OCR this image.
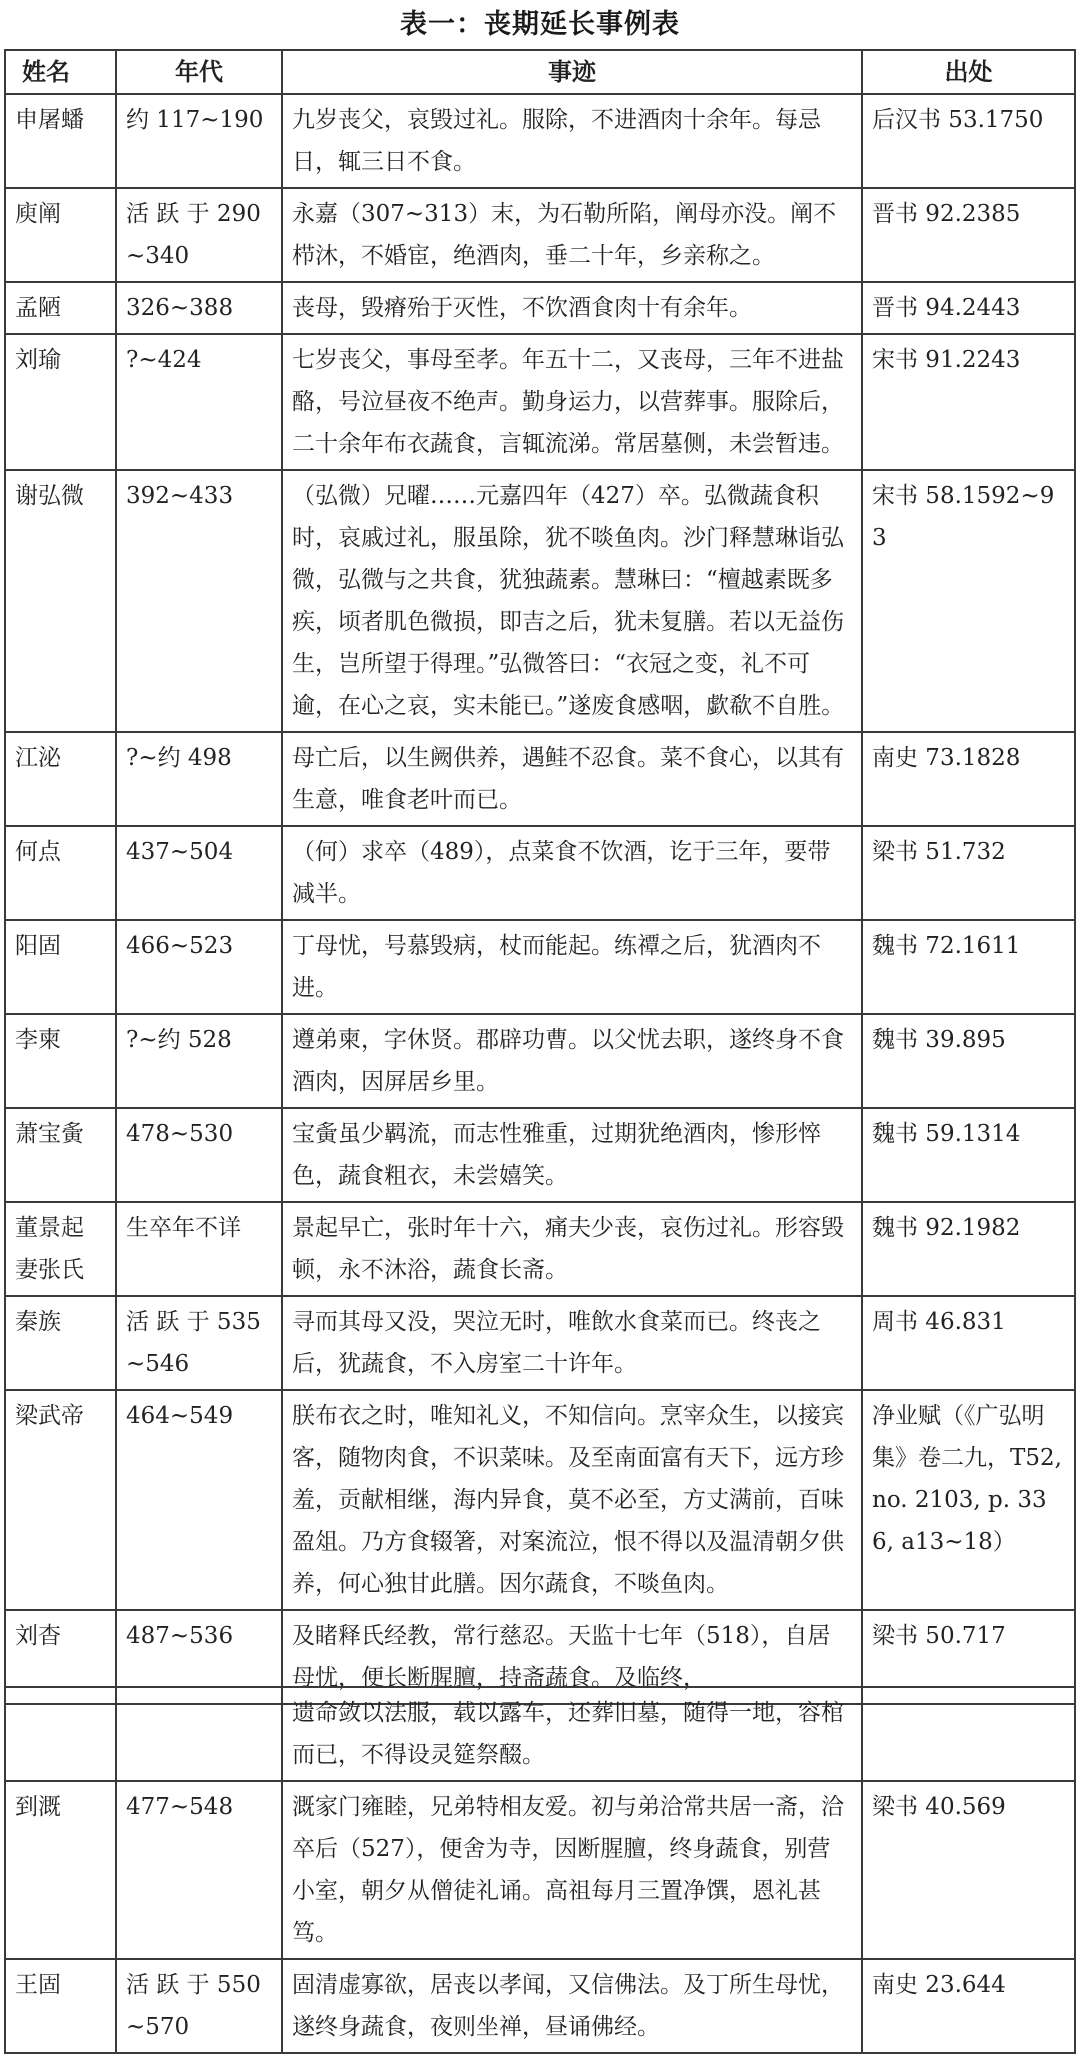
表一：丧期延长事例表
姓名	年代	事迹	出处
申屠蟠	约 117~190	九岁丧父，哀毁过礼。服除，不进酒肉十余年。每忌日，辄三日不食。	后汉书 53.1750
庾阐	活 跃 于 290~340	永嘉（307~313）末，为石勒所陷，阐母亦没。阐不栉沐，不婚宦，绝酒肉，垂二十年，乡亲称之。	晋书 92.2385
孟陋	326~388	丧母，毁瘠殆于灭性，不饮酒食肉十有余年。	晋书 94.2443
刘瑜	?~424	七岁丧父，事母至孝。年五十二，又丧母，三年不进盐酪，号泣昼夜不绝声。勤身运力，以营葬事。服除后，二十余年布衣蔬食，言辄流涕。常居墓侧，未尝暂违。	宋书 91.2243
谢弘微	392~433	（弘微）兄曜……元嘉四年（427）卒。弘微蔬食积时，哀戚过礼，服虽除，犹不啖鱼肉。沙门释慧琳诣弘微，弘微与之共食，犹独蔬素。慧琳曰：“檀越素既多疾，顷者肌色微损，即吉之后，犹未复膳。若以无益伤生，岂所望于得理。”弘微答曰：“衣冠之变，礼不可逾，在心之哀，实未能已。”遂废食感咽，歔欷不自胜。	宋书 58.1592~93
江泌	?~约 498	母亡后，以生阙供养，遇鲑不忍食。菜不食心，以其有生意，唯食老叶而已。	南史 73.1828
何点	437~504	（何）求卒（489），点菜食不饮酒，讫于三年，要带减半。	梁书 51.732
阳固	466~523	丁母忧，号慕毁病，杖而能起。练禫之后，犹酒肉不进。	魏书 72.1611
李柬	?~约 528	遵弟柬，字休贤。郡辟功曹。以父忧去职，遂终身不食酒肉，因屏居乡里。	魏书 39.895
萧宝夤	478~530	宝夤虽少羁流，而志性雅重，过期犹绝酒肉，惨形悴色，蔬食粗衣，未尝嬉笑。	魏书 59.1314
董景起妻张氏	生卒年不详	景起早亡，张时年十六，痛夫少丧，哀伤过礼。形容毁顿，永不沐浴，蔬食长斋。	魏书 92.1982
秦族	活 跃 于 535~546	寻而其母又没，哭泣无时，唯飲水食菜而已。终丧之后，犹蔬食，不入房室二十许年。	周书 46.831
梁武帝	464~549	朕布衣之时，唯知礼义，不知信向。烹宰众生，以接宾客，随物肉食，不识菜味。及至南面富有天下，远方珍羞，贡献相继，海内异食，莫不必至，方丈满前，百味盈俎。乃方食辍箸，对案流泣，恨不得以及温清朝夕供养，何心独甘此膳。因尔蔬食，不啖鱼肉。	净业赋（《广弘明集》卷二九，T52, no. 2103, p. 336, a13~18）
刘杳	487~536	及睹释氏经教，常行慈忍。天监十七年（518），自居母忧，便长断腥膻，持斋蔬食。及临终，	梁书 50.717
		遗命敛以法服，载以露车，还葬旧墓，随得一地，容棺而已，不得设灵筵祭醊。	
到溉	477~548	溉家门雍睦，兄弟特相友爱。初与弟洽常共居一斋，洽卒后（527），便舍为寺，因断腥膻，终身蔬食，别营小室，朝夕从僧徒礼诵。高祖每月三置净馔，恩礼甚笃。	梁书 40.569
王固	活 跃 于 550~570	固清虚寡欲，居丧以孝闻，又信佛法。及丁所生母忧，遂终身蔬食，夜则坐禅，昼诵佛经。	南史 23.644
